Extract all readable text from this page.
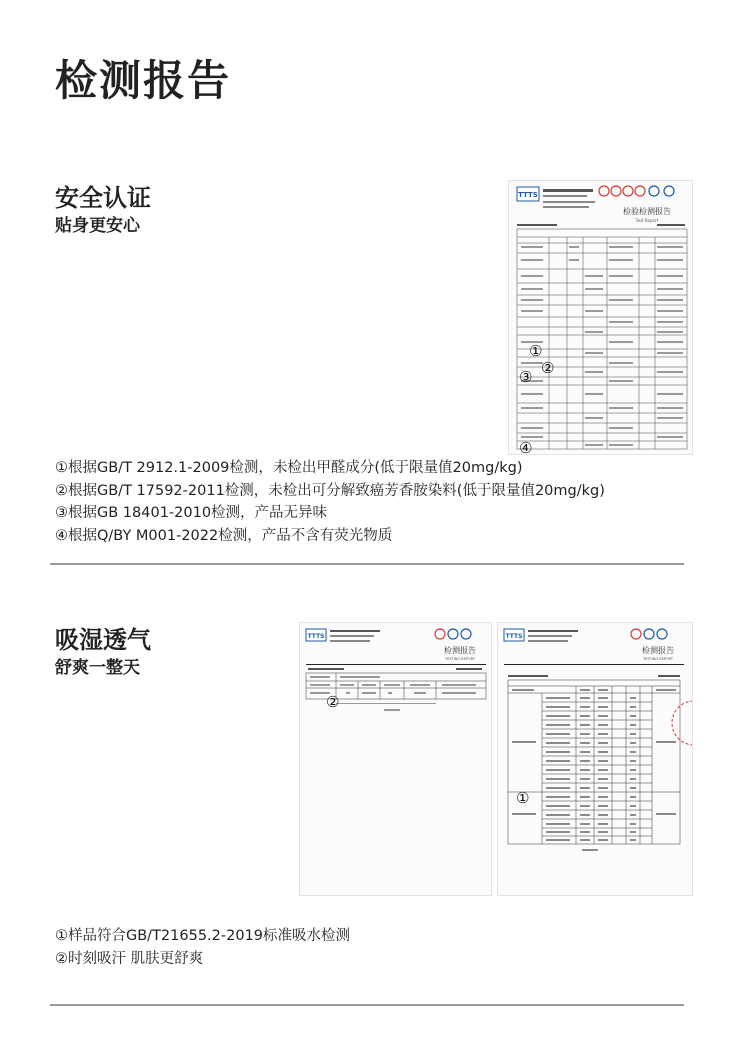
检测报告
安全认证
贴身更安心
TTTS
检验检测报告
Test Report
①
②
③
④
①根据GB/T 2912.1-2009检测，未检出甲醛成分(低于限量值20mg/kg)
②根据GB/T 17592-2011检测，未检出可分解致癌芳香胺染料(低于限量值20mg/kg)
③根据GB 18401-2010检测，产品无异味
④根据Q/BY M001-2022检测，产品不含有荧光物质
吸湿透气
舒爽一整天
TTTS
检测报告
TESTING REPORT
②
TTTS
检测报告
TESTING REPORT
①
①样品符合GB/T21655.2-2019标准吸水检测
②时刻吸汗 肌肤更舒爽
